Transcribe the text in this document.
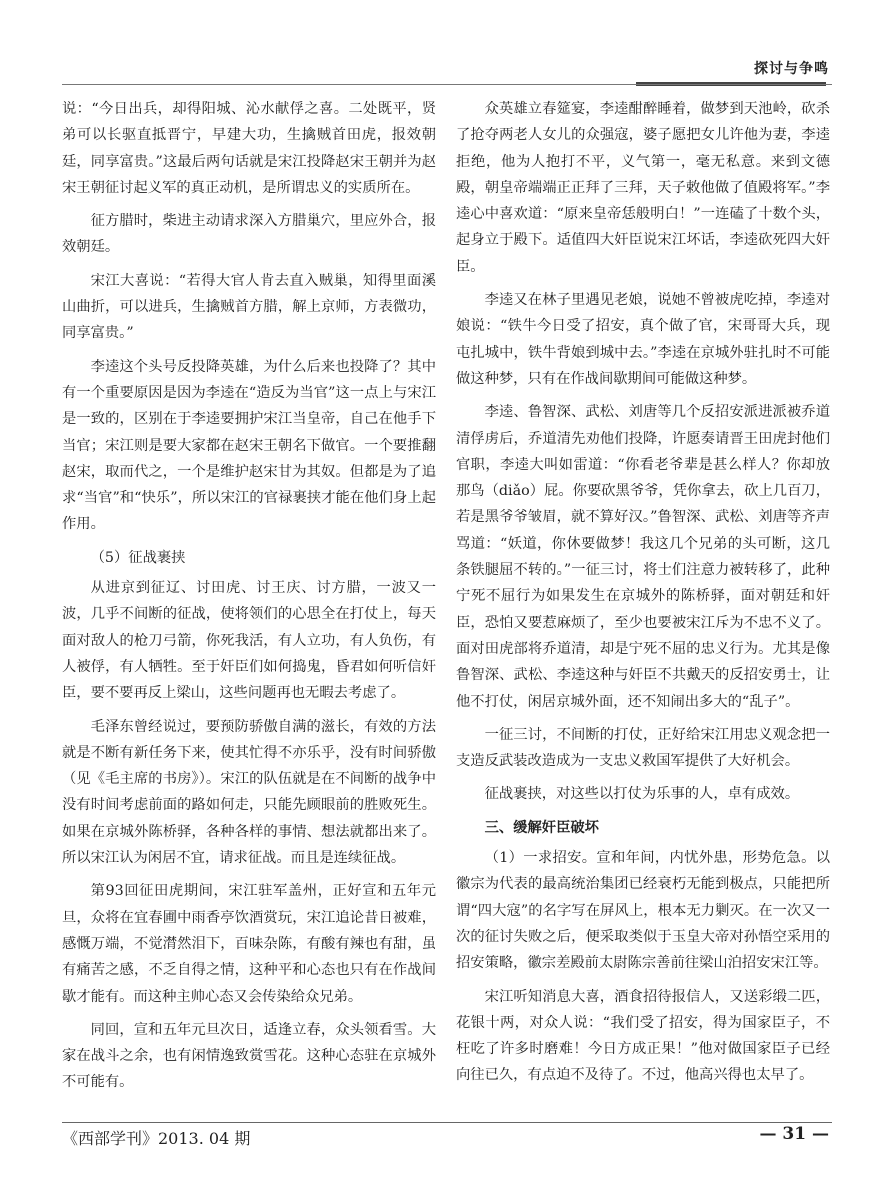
探讨与争鸣

说：“今日出兵，却得阳城、沁水献俘之喜。二处既平，贤弟可以长驱直抵晋宁，早建大功，生擒贼首田虎，报效朝廷，同享富贵。”这最后两句话就是宋江投降赵宋王朝并为赵宋王朝征讨起义军的真正动机，是所谓忠义的实质所在。

征方腊时，柴进主动请求深入方腊巢穴，里应外合，报效朝廷。

宋江大喜说：“若得大官人肯去直入贼巢，知得里面溪山曲折，可以进兵，生擒贼首方腊，解上京师，方表微功，同享富贵。”

李逵这个头号反投降英雄，为什么后来也投降了？其中有一个重要原因是因为李逵在“造反为当官”这一点上与宋江是一致的，区别在于李逵要拥护宋江当皇帝，自己在他手下当官；宋江则是要大家都在赵宋王朝名下做官。一个要推翻赵宋，取而代之，一个是维护赵宋甘为其奴。但都是为了追求“当官”和“快乐”，所以宋江的官禄裹挟才能在他们身上起作用。

（5）征战裹挟

从进京到征辽、讨田虎、讨王庆、讨方腊，一波又一波，几乎不间断的征战，使将领们的心思全在打仗上，每天面对敌人的枪刀弓箭，你死我活，有人立功，有人负伤，有人被俘，有人牺牲。至于奸臣们如何捣鬼，昏君如何听信奸臣，要不要再反上梁山，这些问题再也无暇去考虑了。

毛泽东曾经说过，要预防骄傲自满的滋长，有效的方法就是不断有新任务下来，使其忙得不亦乐乎，没有时间骄傲（见《毛主席的书房》）。宋江的队伍就是在不间断的战争中没有时间考虑前面的路如何走，只能先顾眼前的胜败死生。如果在京城外陈桥驿，各种各样的事情、想法就都出来了。所以宋江认为闲居不宜，请求征战。而且是连续征战。

第93回征田虎期间，宋江驻军盖州，正好宣和五年元旦，众将在宜春圃中雨香亭饮酒赏玩，宋江追论昔日被难，感慨万端，不觉潸然泪下，百味杂陈，有酸有辣也有甜，虽有痛苦之感，不乏自得之情，这种平和心态也只有在作战间歇才能有。而这种主帅心态又会传染给众兄弟。

同回，宣和五年元旦次日，适逢立春，众头领看雪。大家在战斗之余，也有闲情逸致赏雪花。这种心态驻在京城外不可能有。

众英雄立春筵宴，李逵酣醉睡着，做梦到天池岭，砍杀了抢夺两老人女儿的众强寇，婆子愿把女儿许他为妻，李逵拒绝，他为人抱打不平，义气第一，毫无私意。来到文德殿，朝皇帝端端正正拜了三拜，天子敕他做了值殿将军。”李逵心中喜欢道：“原来皇帝恁般明白！”一连磕了十数个头，起身立于殿下。适值四大奸臣说宋江坏话，李逵砍死四大奸臣。

李逵又在林子里遇见老娘，说她不曾被虎吃掉，李逵对娘说：“铁牛今日受了招安，真个做了官，宋哥哥大兵，现屯扎城中，铁牛背娘到城中去。”李逵在京城外驻扎时不可能做这种梦，只有在作战间歇期间可能做这种梦。

李逵、鲁智深、武松、刘唐等几个反招安派进派被乔道清俘虏后，乔道清先劝他们投降，许愿奏请晋王田虎封他们官职，李逵大叫如雷道：“你看老爷辈是甚么样人？你却放那鸟（diǎo）屁。你要砍黑爷爷，凭你拿去，砍上几百刀，若是黑爷爷皱眉，就不算好汉。”鲁智深、武松、刘唐等齐声骂道：“妖道，你休要做梦！我这几个兄弟的头可断，这几条铁腿屈不转的。”一征三讨，将士们注意力被转移了，此种宁死不屈行为如果发生在京城外的陈桥驿，面对朝廷和奸臣，恐怕又要惹麻烦了，至少也要被宋江斥为不忠不义了。面对田虎部将乔道清，却是宁死不屈的忠义行为。尤其是像鲁智深、武松、李逵这种与奸臣不共戴天的反招安勇士，让他不打仗，闲居京城外面，还不知闹出多大的“乱子”。

一征三讨，不间断的打仗，正好给宋江用忠义观念把一支造反武装改造成为一支忠义救国军提供了大好机会。

征战裹挟，对这些以打仗为乐事的人，卓有成效。

三、缓解奸臣破坏

（1）一求招安。宣和年间，内忧外患，形势危急。以徽宗为代表的最高统治集团已经衰朽无能到极点，只能把所谓“四大寇”的名字写在屏风上，根本无力剿灭。在一次又一次的征讨失败之后，便采取类似于玉皇大帝对孙悟空采用的招安策略，徽宗差殿前太尉陈宗善前往梁山泊招安宋江等。

宋江听知消息大喜，酒食招待报信人，又送彩缎二匹，花银十两，对众人说：“我们受了招安，得为国家臣子，不枉吃了许多时磨难！今日方成正果！”他对做国家臣子已经向往已久，有点迫不及待了。不过，他高兴得也太早了。

《西部学刊》2013. 04 期	— 31 —
